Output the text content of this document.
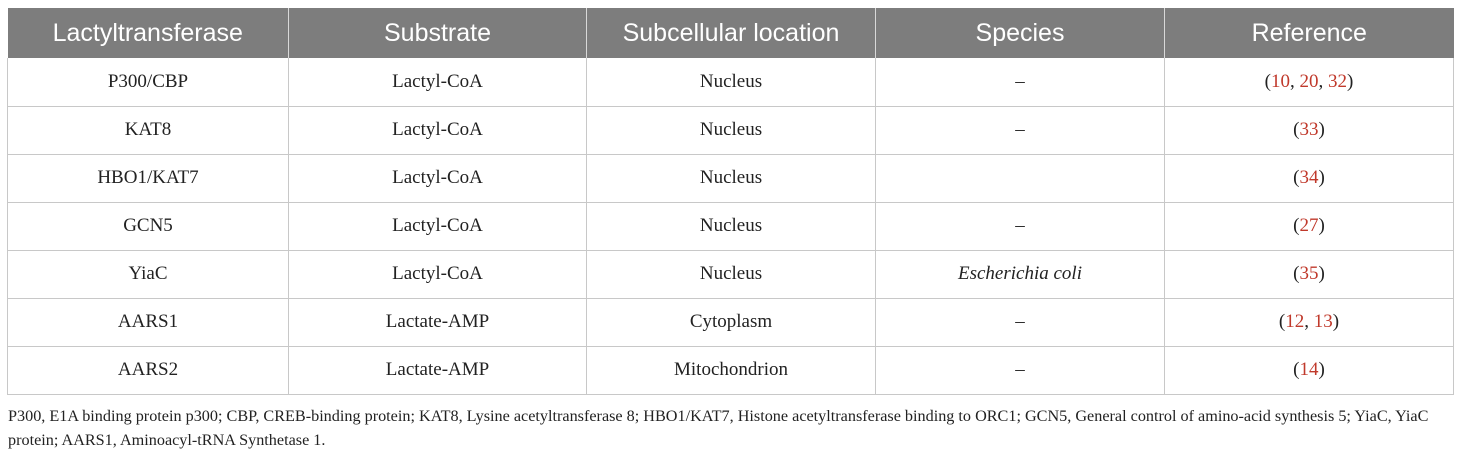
Lactyltransferase	Substrate	Subcellular location	Species	Reference
P300/CBP	Lactyl-CoA	Nucleus	–	(10, 20, 32)
KAT8	Lactyl-CoA	Nucleus	–	(33)
HBO1/KAT7	Lactyl-CoA	Nucleus		(34)
GCN5	Lactyl-CoA	Nucleus	–	(27)
YiaC	Lactyl-CoA	Nucleus	Escherichia coli	(35)
AARS1	Lactate-AMP	Cytoplasm	–	(12, 13)
AARS2	Lactate-AMP	Mitochondrion	–	(14)
P300, E1A binding protein p300; CBP, CREB-binding protein; KAT8, Lysine acetyltransferase 8; HBO1/KAT7, Histone acetyltransferase binding to ORC1; GCN5, General control of amino-acid synthesis 5; YiaC, YiaC protein; AARS1, Aminoacyl-tRNA Synthetase 1.
